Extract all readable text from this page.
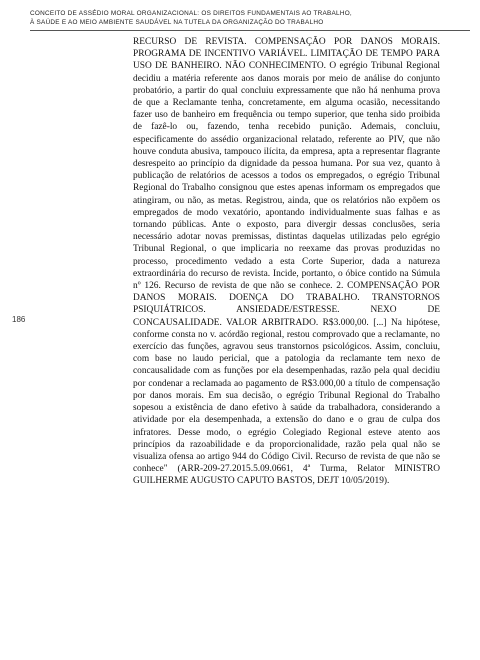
CONCEITO DE ASSÉDIO MORAL ORGANIZACIONAL: OS DIREITOS FUNDAMENTAIS AO TRABALHO,
À SAÚDE E AO MEIO AMBIENTE SAUDÁVEL NA TUTELA DA ORGANIZAÇÃO DO TRABALHO
186

RECURSO DE REVISTA. COMPENSAÇÃO POR DANOS MORAIS. PROGRAMA DE INCENTIVO VARIÁVEL. LIMITAÇÃO DE TEMPO PARA USO DE BANHEIRO. NÃO CONHECIMENTO. O egrégio Tribunal Regional decidiu a matéria referente aos danos morais por meio de análise do conjunto probatório, a partir do qual concluiu expressamente que não há nenhuma prova de que a Reclamante tenha, concretamente, em alguma ocasião, necessitando fazer uso de banheiro em frequência ou tempo superior, que tenha sido proibida de fazê-lo ou, fazendo, tenha recebido punição. Ademais, concluiu, especificamente do assédio organizacional relatado, referente ao PIV, que não houve conduta abusiva, tampouco ilícita, da empresa, apta a representar flagrante desrespeito ao princípio da dignidade da pessoa humana. Por sua vez, quanto à publicação de relatórios de acessos a todos os empregados, o egrégio Tribunal Regional do Trabalho consignou que estes apenas informam os empregados que atingiram, ou não, as metas. Registrou, ainda, que os relatórios não expõem os empregados de modo vexatório, apontando individualmente suas falhas e as tornando públicas. Ante o exposto, para divergir dessas conclusões, seria necessário adotar novas premissas, distintas daquelas utilizadas pelo egrégio Tribunal Regional, o que implicaria no reexame das provas produzidas no processo, procedimento vedado a esta Corte Superior, dada a natureza extraordinária do recurso de revista. Incide, portanto, o óbice contido na Súmula nº 126. Recurso de revista de que não se conhece. 2. COMPENSAÇÃO POR DANOS MORAIS. DOENÇA DO TRABALHO. TRANSTORNOS PSIQUIÁTRICOS. ANSIEDADE/ESTRESSE. NEXO DE CONCAUSALIDADE. VALOR ARBITRADO. R$3.000,00. [...] Na hipótese, conforme consta no v. acórdão regional, restou comprovado que a reclamante, no exercício das funções, agravou seus transtornos psicológicos. Assim, concluiu, com base no laudo pericial, que a patologia da reclamante tem nexo de concausalidade com as funções por ela desempenhadas, razão pela qual decidiu por condenar a reclamada ao pagamento de R$3.000,00 a título de compensação por danos morais. Em sua decisão, o egrégio Tribunal Regional do Trabalho sopesou a existência de dano efetivo à saúde da trabalhadora, considerando a atividade por ela desempenhada, a extensão do dano e o grau de culpa dos infratores. Desse modo, o egrégio Colegiado Regional esteve atento aos princípios da razoabilidade e da proporcionalidade, razão pela qual não se visualiza ofensa ao artigo 944 do Código Civil. Recurso de revista de que não se conhece" (ARR-209-27.2015.5.09.0661, 4ª Turma, Relator MINISTRO GUILHERME AUGUSTO CAPUTO BASTOS, DEJT 10/05/2019).
